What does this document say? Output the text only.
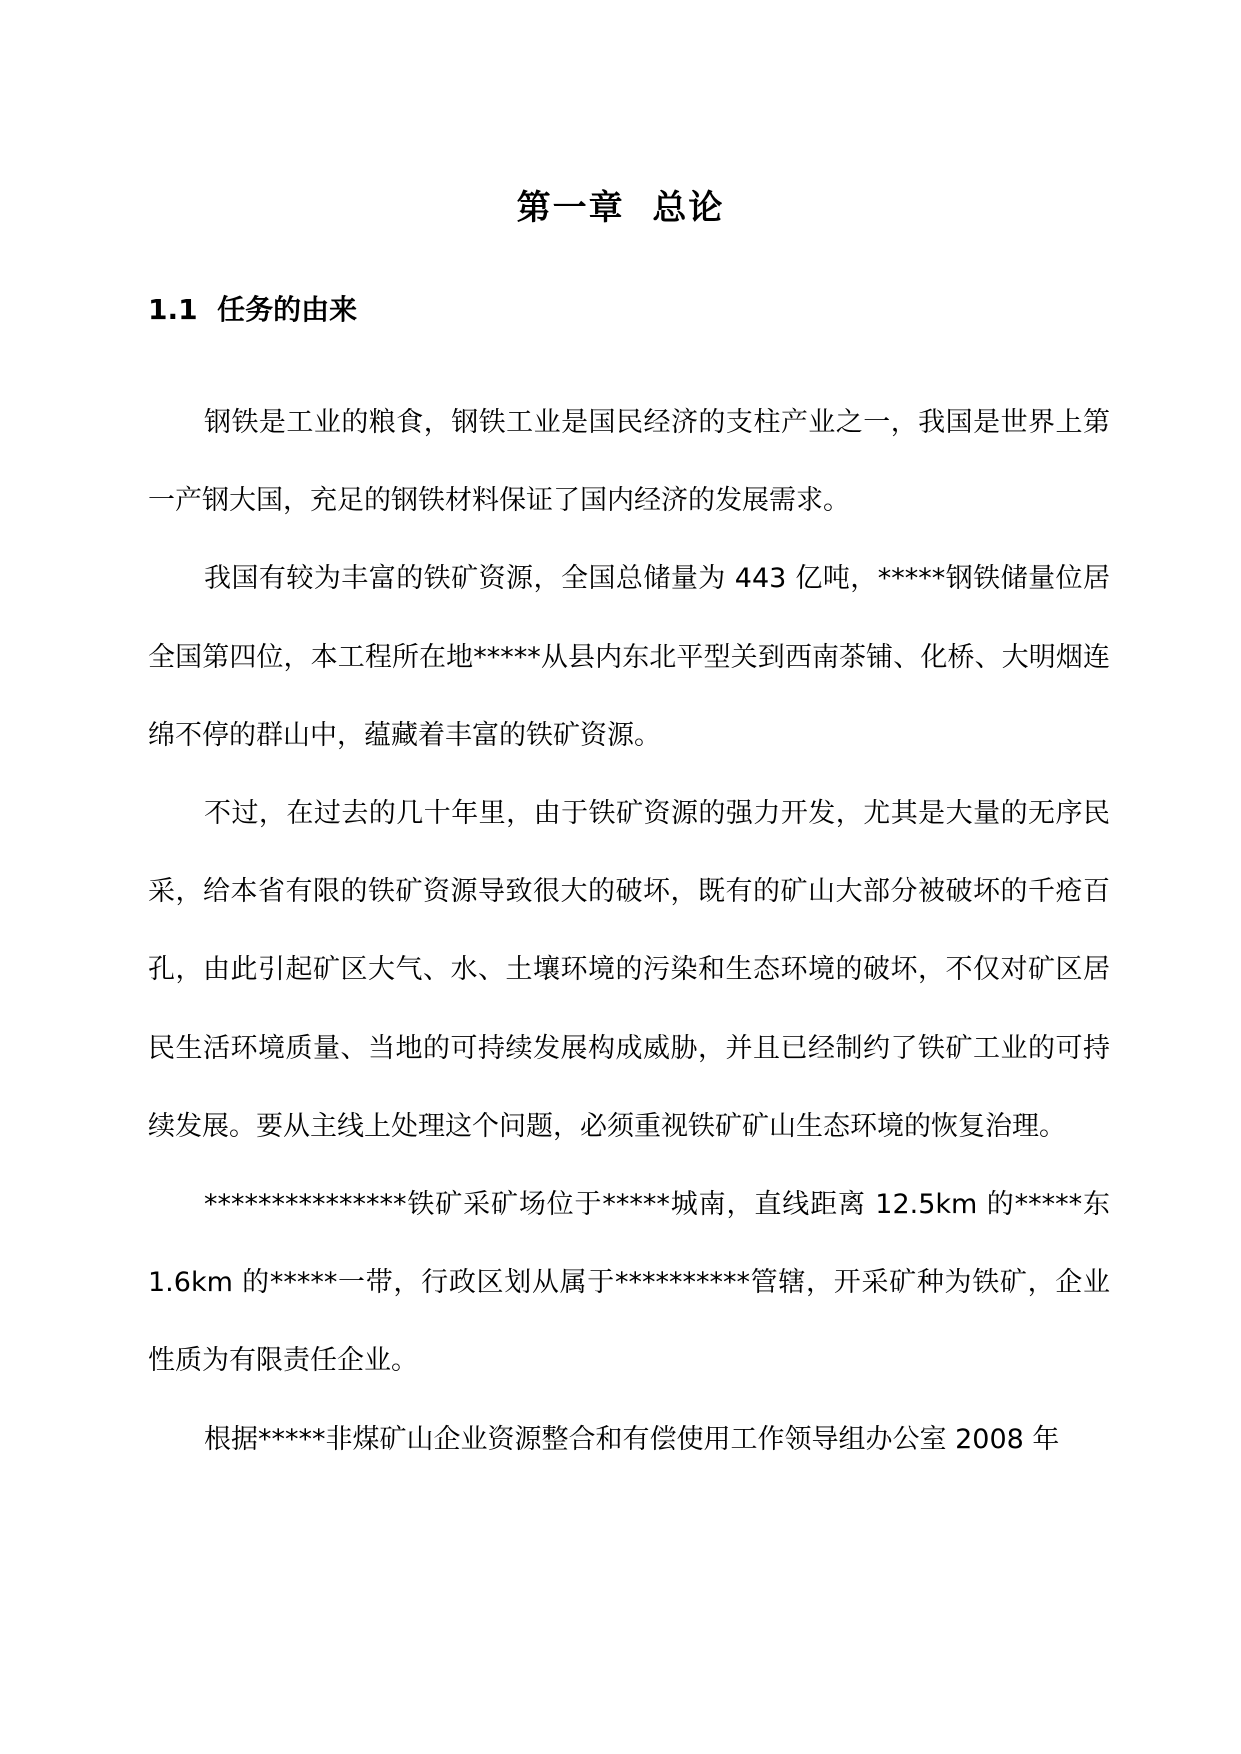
第一章 总论
1.1  任务的由来

钢铁是工业的粮食，钢铁工业是国民经济的支柱产业之一，我国是世界上第一产钢大国，充足的钢铁材料保证了国内经济的发展需求。

我国有较为丰富的铁矿资源，全国总储量为 443 亿吨，*****钢铁储量位居全国第四位，本工程所在地*****从县内东北平型关到西南茶铺、化桥、大明烟连绵不停的群山中，蕴藏着丰富的铁矿资源。

不过，在过去的几十年里，由于铁矿资源的强力开发，尤其是大量的无序民采，给本省有限的铁矿资源导致很大的破坏，既有的矿山大部分被破坏的千疮百孔，由此引起矿区大气、水、土壤环境的污染和生态环境的破坏，不仅对矿区居民生活环境质量、当地的可持续发展构成威胁，并且已经制约了铁矿工业的可持续发展。要从主线上处理这个问题，必须重视铁矿矿山生态环境的恢复治理。

***************铁矿采矿场位于*****城南，直线距离 12.5km 的*****东 1.6km 的*****一带，行政区划从属于**********管辖，开采矿种为铁矿，企业性质为有限责任企业。

根据*****非煤矿山企业资源整合和有偿使用工作领导组办公室 2008 年
